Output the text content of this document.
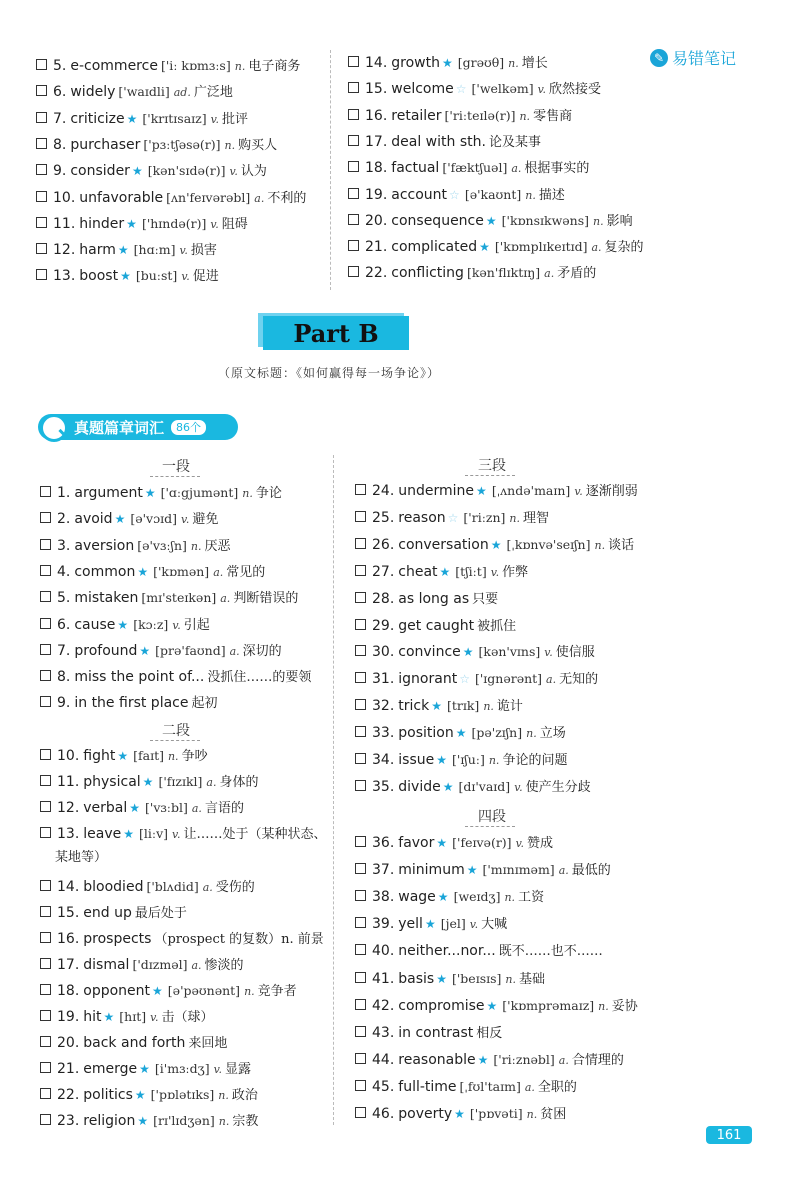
✎ 易错笔记
5. e-commerce ['iː kɒmɜːs] n. 电子商务
6. widely ['waɪdli] ad. 广泛地
7. criticize ★ ['krɪtɪsaɪz] v. 批评
8. purchaser ['pɜːtʃəsə(r)] n. 购买人
9. consider ★ [kən'sɪdə(r)] v. 认为
10. unfavorable [ʌn'feɪvərəbl] a. 不利的
11. hinder ★ ['hɪndə(r)] v. 阻碍
12. harm ★ [hɑːm] v. 损害
13. boost ★ [buːst] v. 促进
14. growth ★ [grəʊθ] n. 增长
15. welcome ☆ ['welkəm] v. 欣然接受
16. retailer ['riːteɪlə(r)] n. 零售商
17. deal with sth. 论及某事
18. factual ['fæktʃuəl] a. 根据事实的
19. account ☆ [ə'kaʊnt] n. 描述
20. consequence ★ ['kɒnsɪkwəns] n. 影响
21. complicated ★ ['kɒmplɪkeɪtɪd] a. 复杂的
22. conflicting [kən'flɪktɪŋ] a. 矛盾的
Part B
（原文标题：《如何赢得每一场争论》）
真题篇章词汇	86个
一段
二段
三段
四段
1. argument ★ ['ɑːgjumənt] n. 争论
2. avoid ★ [ə'vɔɪd] v. 避免
3. aversion [ə'vɜːʃn] n. 厌恶
4. common ★ ['kɒmən] a. 常见的
5. mistaken [mɪ'steɪkən] a. 判断错误的
6. cause ★ [kɔːz] v. 引起
7. profound ★ [prə'faʊnd] a. 深切的
8. miss the point of... 没抓住……的要领
9. in the first place 起初
10. fight ★ [faɪt] n. 争吵
11. physical ★ ['fɪzɪkl] a. 身体的
12. verbal ★ ['vɜːbl] a. 言语的
13. leave ★ [liːv] v. 让……处于（某种状态、
14. bloodied ['blʌdid] a. 受伤的
15. end up 最后处于
16. prospects （prospect 的复数）n. 前景
17. dismal ['dɪzməl] a. 惨淡的
18. opponent ★ [ə'pəʊnənt] n. 竞争者
19. hit ★ [hɪt] v. 击（球）
20. back and forth 来回地
21. emerge ★ [i'mɜːdʒ] v. 显露
22. politics ★ ['pɒlətɪks] n. 政治
23. religion ★ [rɪ'lɪdʒən] n. 宗教
24. undermine ★ [ˌʌndə'maɪn] v. 逐渐削弱
25. reason ☆ ['riːzn] n. 理智
26. conversation ★ [ˌkɒnvə'seɪʃn] n. 谈话
27. cheat ★ [tʃiːt] v. 作弊
28. as long as 只要
29. get caught 被抓住
30. convince ★ [kən'vɪns] v. 使信服
31. ignorant ☆ ['ɪgnərənt] a. 无知的
32. trick ★ [trɪk] n. 诡计
33. position ★ [pə'zɪʃn] n. 立场
34. issue ★ ['ɪʃuː] n. 争论的问题
35. divide ★ [dɪ'vaɪd] v. 使产生分歧
36. favor ★ ['feɪvə(r)] v. 赞成
37. minimum ★ ['mɪnɪməm] a. 最低的
38. wage ★ [weɪdʒ] n. 工资
39. yell ★ [jel] v. 大喊
40. neither...nor... 既不……也不……
41. basis ★ ['beɪsɪs] n. 基础
42. compromise ★ ['kɒmprəmaɪz] n. 妥协
43. in contrast 相反
44. reasonable ★ ['riːznəbl] a. 合情理的
45. full-time [ˌfʊl'taɪm] a. 全职的
46. poverty ★ ['pɒvəti] n. 贫困
某地等）
161
